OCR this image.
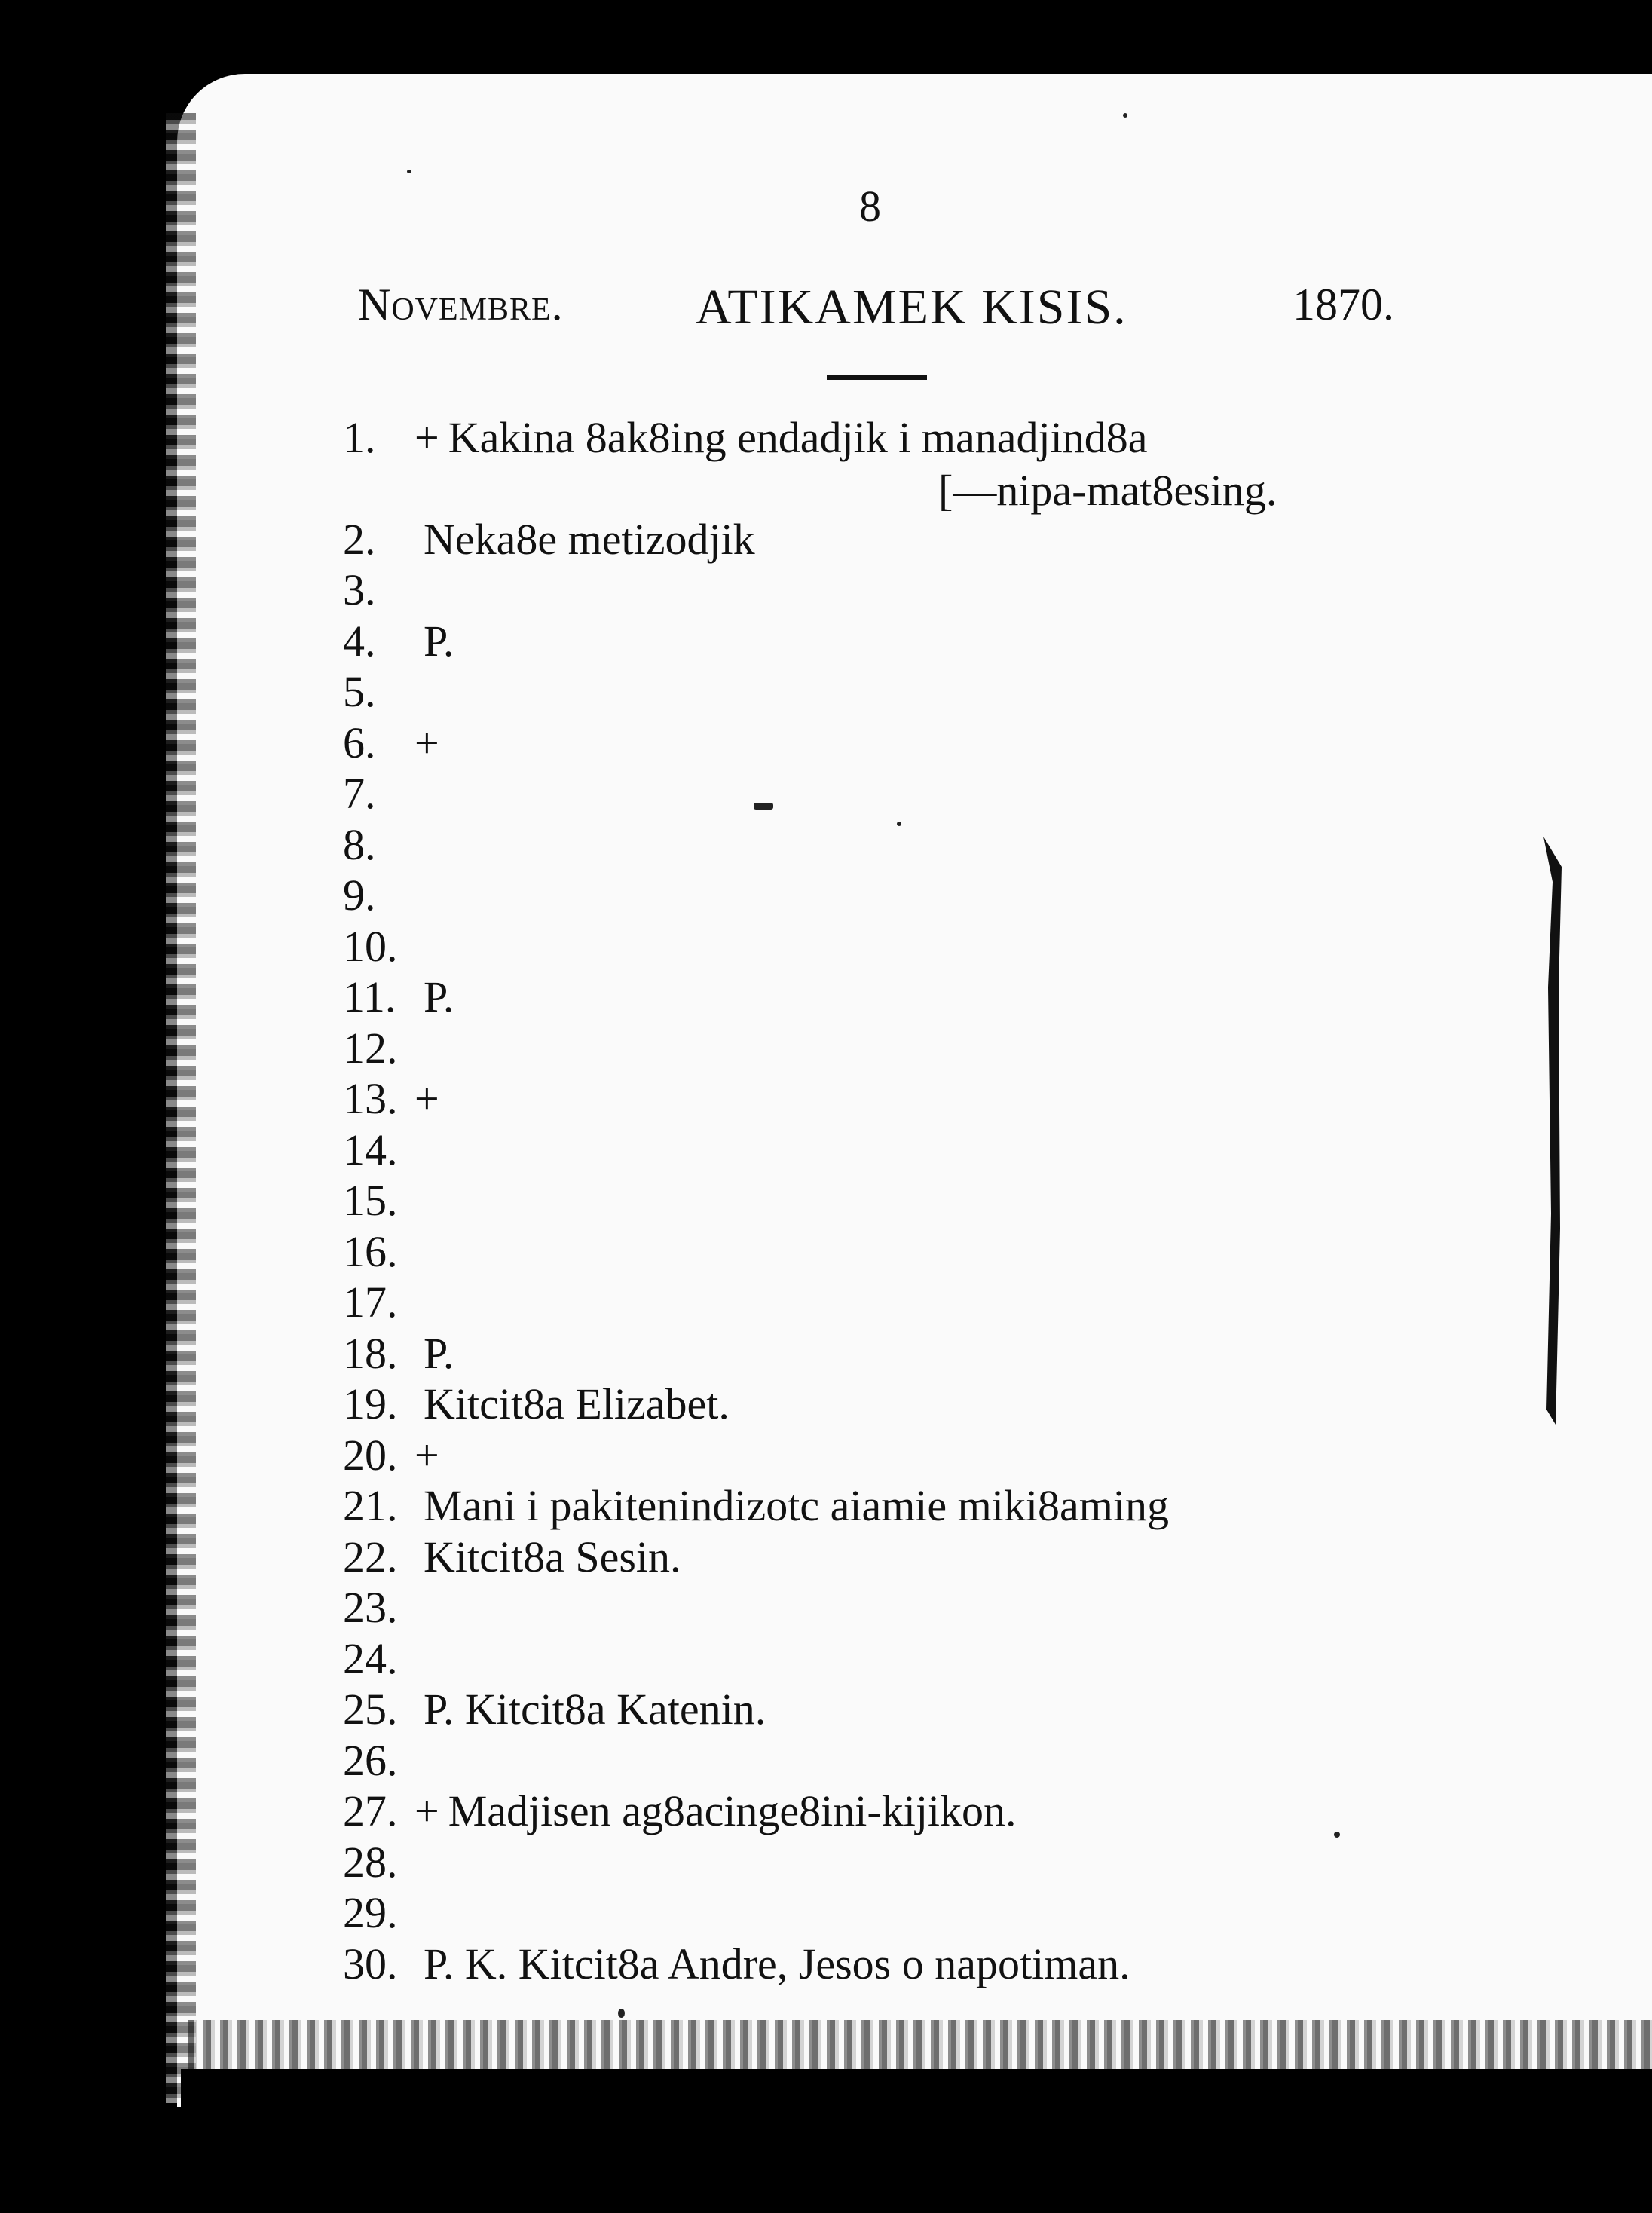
8
Novembre.	ATIKAMEK KISIS.	1870.
1. + Kakina 8ak8ing endadjik i manadjind8a
[—nipa-mat8esing.
2. Neka8e metizodjik
3.
4. P.
5.
6. +
7.
8.
9.
10.
11. P.
12.
13. +
14.
15.
16.
17.
18. P.
19. Kitcit8a Elizabet.
20. +
21. Mani i pakitenindizotc aiamie miki8aming
22. Kitcit8a Sesin.
23.
24.
25. P. Kitcit8a Katenin.
26.
27. + Madjisen ag8acinge8ini-kijikon.
28.
29.
30. P. K. Kitcit8a Andre, Jesos o napotiman.
